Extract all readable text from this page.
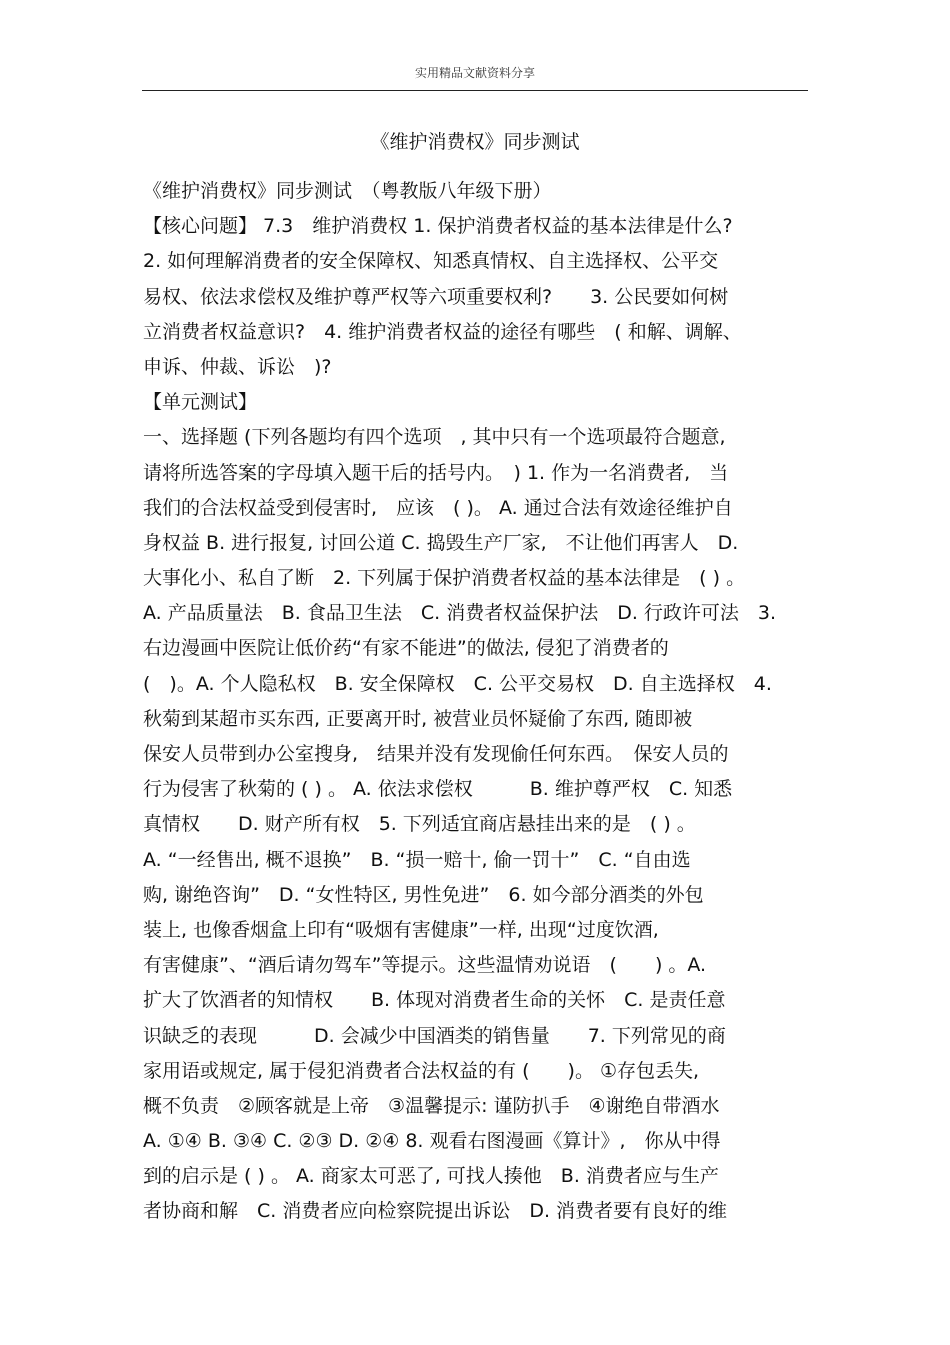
实用精品文献资料分享
《维护消费权》同步测试
《维护消费权》同步测试　（粤教版八年级下册）
【核心问题】 7.3　维护消费权 1. 保护消费者权益的基本法律是什么?
2. 如何理解消费者的安全保障权、知悉真情权、自主选择权、公平交
易权、依法求偿权及维护尊严权等六项重要权利?　　3. 公民要如何树
立消费者权益意识?　4. 维护消费者权益的途径有哪些　( 和解、调解、
申诉、仲裁、诉讼　)?
【单元测试】
一、选择题 (下列各题均有四个选项　, 其中只有一个选项最符合题意,
请将所选答案的字母填入题干后的括号内。　) 1. 作为一名消费者,　当
我们的合法权益受到侵害时,　应该　( )。 A. 通过合法有效途径维护自
身权益 B. 进行报复, 讨回公道 C. 捣毁生产厂家,　不让他们再害人　D.
大事化小、私自了断　2. 下列属于保护消费者权益的基本法律是　( ) 。
A. 产品质量法　B. 食品卫生法　C. 消费者权益保护法　D. 行政许可法　3.
右边漫画中医院让低价药“有家不能进”的做法, 侵犯了消费者的
(　)。A. 个人隐私权　B. 安全保障权　C. 公平交易权　D. 自主选择权　4.
秋菊到某超市买东西, 正要离开时, 被营业员怀疑偷了东西, 随即被
保安人员带到办公室搜身,　结果并没有发现偷任何东西。　保安人员的
行为侵害了秋菊的 ( ) 。 A. 依法求偿权　　　B. 维护尊严权　C. 知悉
真情权　　D. 财产所有权　5. 下列适宜商店悬挂出来的是　( ) 。
A. “一经售出, 概不退换”　B. “损一赔十, 偷一罚十”　C. “自由选
购, 谢绝咨询”　D. “女性特区, 男性免进”　6. 如今部分酒类的外包
装上, 也像香烟盒上印有“吸烟有害健康”一样, 出现“过度饮酒,
有害健康”、“酒后请勿驾车”等提示。这些温情劝说语　(　　) 。A.
扩大了饮酒者的知情权　　B. 体现对消费者生命的关怀　C. 是责任意
识缺乏的表现　　　D. 会减少中国酒类的销售量　　7. 下列常见的商
家用语或规定, 属于侵犯消费者合法权益的有 (　　)。 ①存包丢失,
概不负责　②顾客就是上帝　③温馨提示: 谨防扒手　④谢绝自带酒水
A. ①④ B. ③④ C. ②③ D. ②④ 8. 观看右图漫画《算计》,　你从中得
到的启示是 ( ) 。 A. 商家太可恶了, 可找人揍他　B. 消费者应与生产
者协商和解　C. 消费者应向检察院提出诉讼　D. 消费者要有良好的维
